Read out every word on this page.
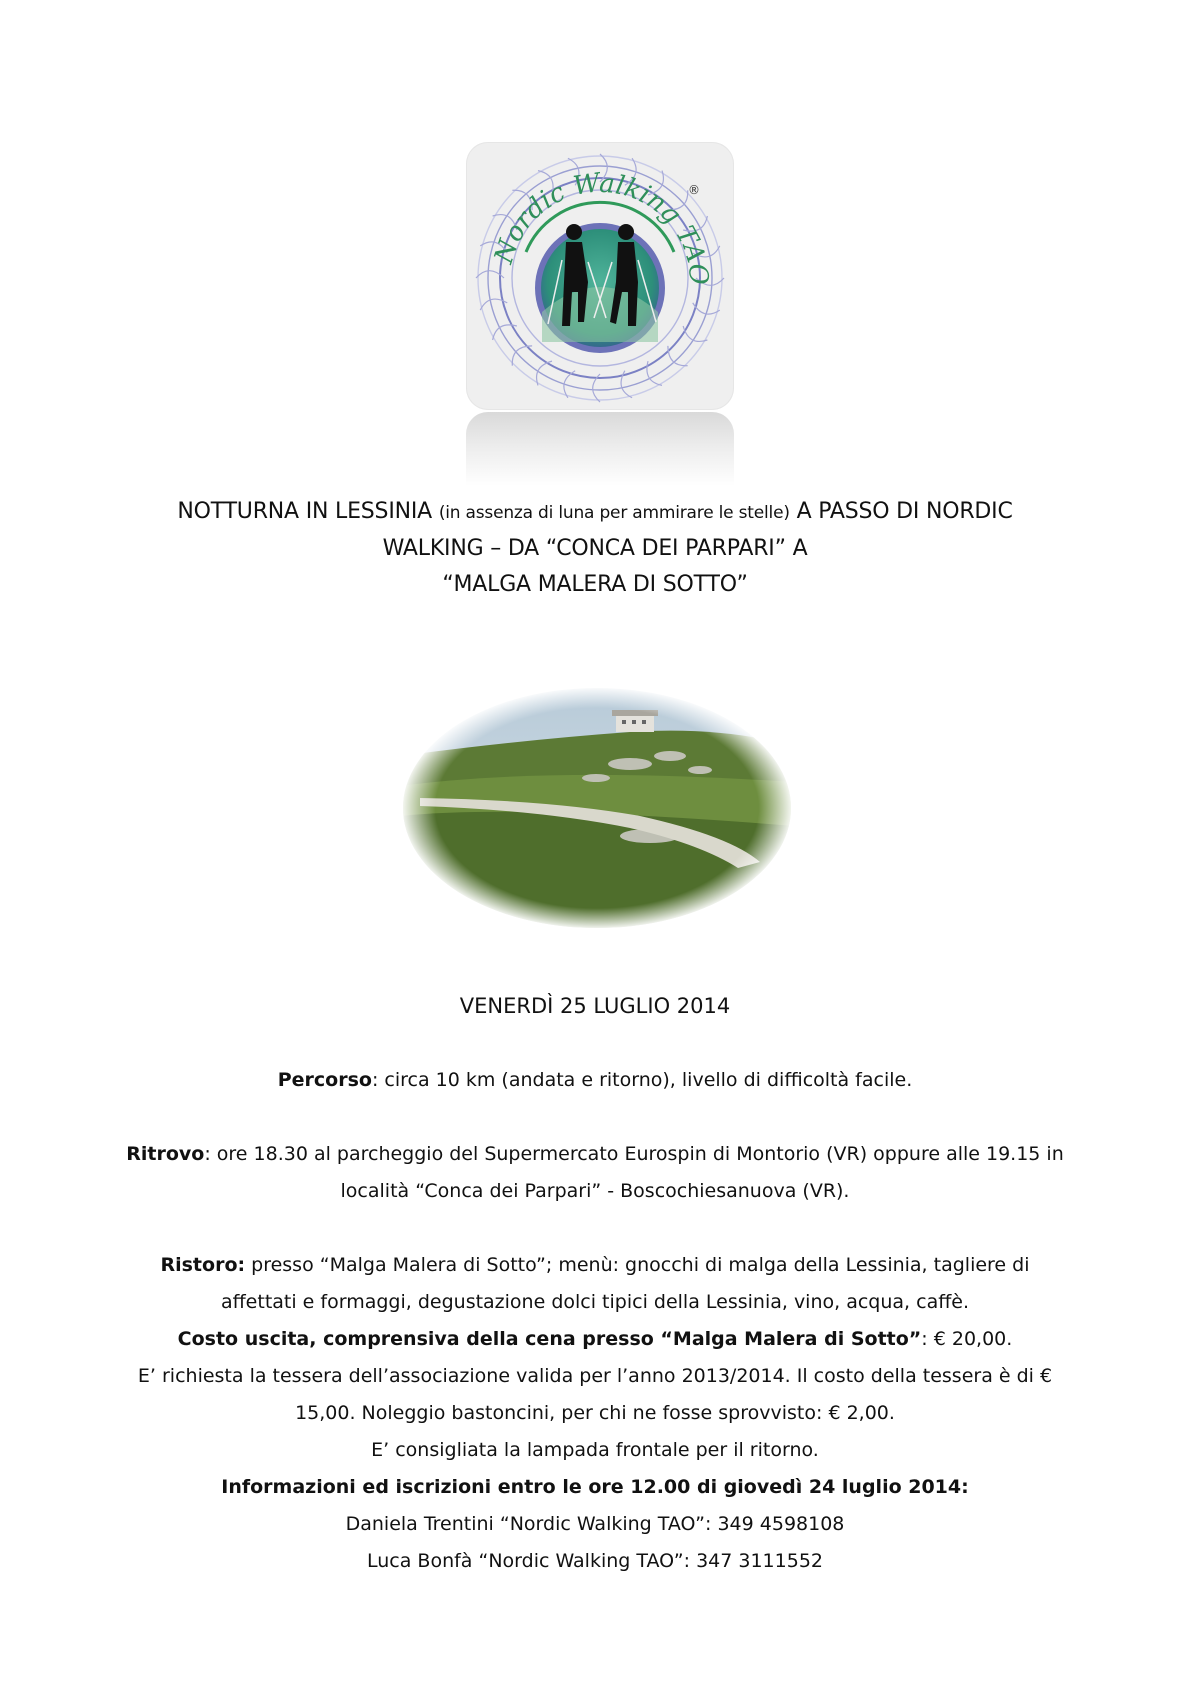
Nordic Walking TAO
®
NOTTURNA IN LESSINIA (in assenza di luna per ammirare le stelle) A PASSO DI NORDIC
WALKING – DA “CONCA DEI PARPARI” A
“MALGA MALERA DI SOTTO”
VENERDÌ 25 LUGLIO 2014
Percorso: circa 10 km (andata e ritorno), livello di difficoltà facile.
Ritrovo: ore 18.30 al parcheggio del Supermercato Eurospin di Montorio (VR) oppure alle 19.15 in
località “Conca dei Parpari” - Boscochiesanuova (VR).
Ristoro: presso “Malga Malera di Sotto”; menù: gnocchi di malga della Lessinia, tagliere di
affettati e formaggi, degustazione dolci tipici della Lessinia, vino, acqua, caffè.
Costo uscita, comprensiva della cena presso “Malga Malera di Sotto”: € 20,00.
E’ richiesta la tessera dell’associazione valida per l’anno 2013/2014. Il costo della tessera è di €
15,00. Noleggio bastoncini, per chi ne fosse sprovvisto: € 2,00.
E’ consigliata la lampada frontale per il ritorno.
Informazioni ed iscrizioni entro le ore 12.00 di giovedì 24 luglio 2014:
Daniela Trentini “Nordic Walking TAO”: 349 4598108
Luca Bonfà “Nordic Walking TAO”: 347 3111552
